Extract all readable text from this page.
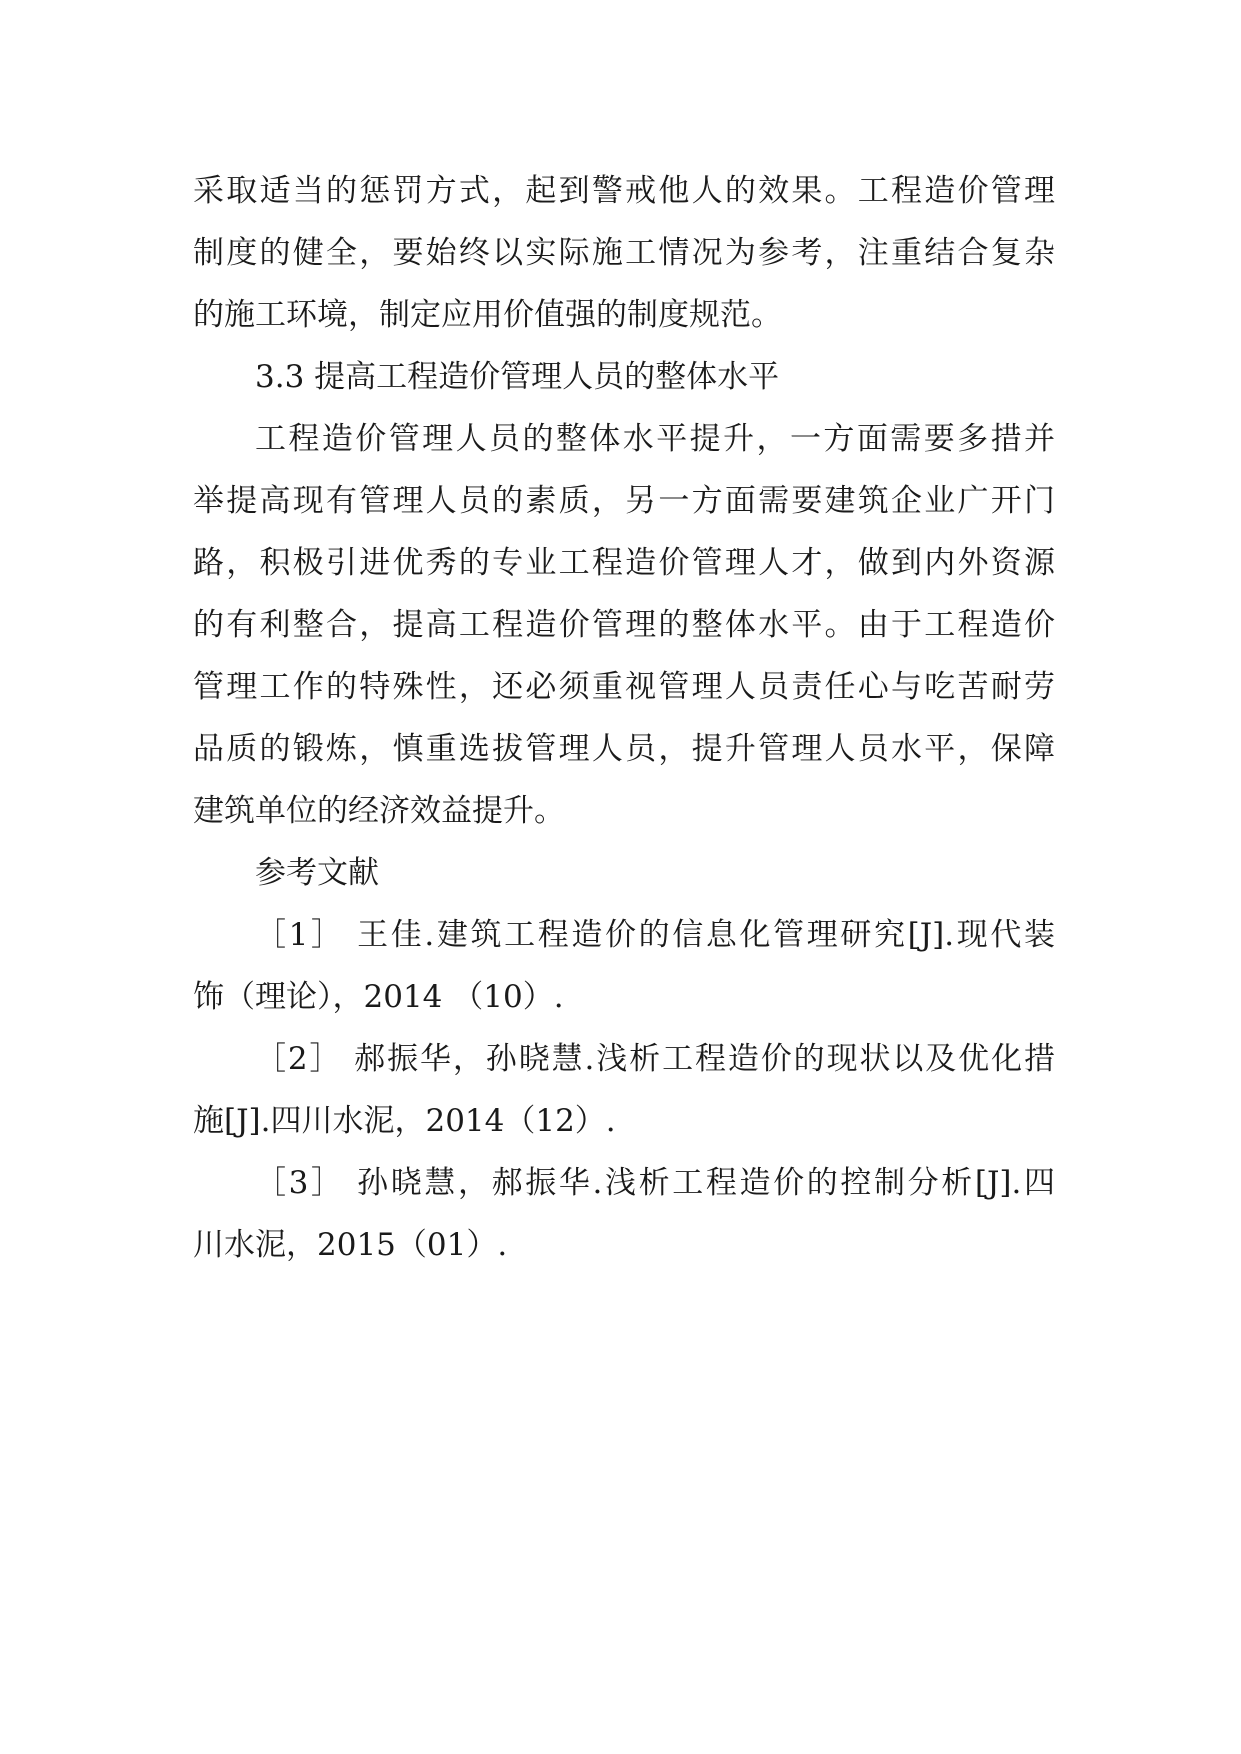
采取适当的惩罚方式，起到警戒他人的效果。工程造价管理
制度的健全，要始终以实际施工情况为参考，注重结合复杂
的施工环境，制定应用价值强的制度规范。
3.3 提高工程造价管理人员的整体水平
工程造价管理人员的整体水平提升，一方面需要多措并
举提高现有管理人员的素质，另一方面需要建筑企业广开门
路，积极引进优秀的专业工程造价管理人才，做到内外资源
的有利整合，提高工程造价管理的整体水平。由于工程造价
管理工作的特殊性，还必须重视管理人员责任心与吃苦耐劳
品质的锻炼，慎重选拔管理人员，提升管理人员水平，保障
建筑单位的经济效益提升。
参考文献
［1］ 王佳.建筑工程造价的信息化管理研究[J].现代装
饰（理论），2014 （10）.
［2］ 郝振华，孙晓慧.浅析工程造价的现状以及优化措
施[J].四川水泥，2014（12）.
［3］ 孙晓慧，郝振华.浅析工程造价的控制分析[J].四
川水泥，2015（01）.
